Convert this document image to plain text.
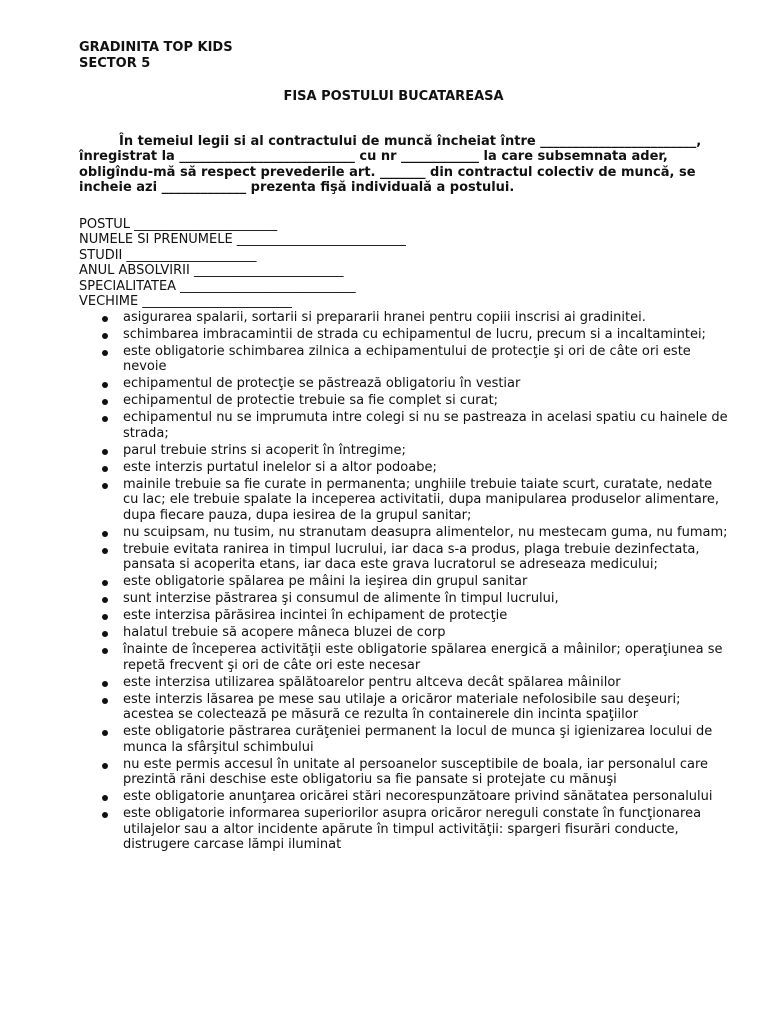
GRADINITA TOP KIDS
SECTOR 5
FISA POSTULUI BUCATAREASA
În temeiul legii si al contractului de muncă încheiat între ________________________, înregistrat la ___________________________ cu nr ____________ la care subsemnata ader, obligîndu-mă să respect prevederile art. _______ din contractul colectiv de muncă, se incheie azi _____________ prezenta fişă individuală a postului.
POSTUL ______________________
NUMELE SI PRENUMELE __________________________
STUDII ____________________
ANUL ABSOLVIRII _______________________
SPECIALITATEA ___________________________
VECHIME _______________________
asigurarea spalarii, sortarii si prepararii hranei pentru copiii inscrisi ai gradinitei.
schimbarea imbracamintii de strada cu echipamentul de lucru, precum si a incaltamintei;
este obligatorie schimbarea zilnica a echipamentului de protecţie şi ori de câte ori este nevoie
echipamentul de protecţie se păstrează obligatoriu în vestiar
echipamentul de protectie trebuie sa fie complet si curat;
echipamentul nu se imprumuta intre colegi si nu se pastreaza in acelasi spatiu cu hainele de strada;
parul trebuie strins si acoperit în întregime;
este interzis purtatul inelelor si a altor podoabe;
mainile trebuie sa fie curate in permanenta; unghiile trebuie taiate scurt, curatate, nedate cu lac; ele trebuie spalate la inceperea activitatii, dupa manipularea produselor alimentare, dupa fiecare pauza, dupa iesirea de la grupul sanitar;
nu scuipsam, nu tusim, nu stranutam deasupra alimentelor, nu mestecam guma, nu fumam;
trebuie evitata ranirea in timpul lucrului, iar daca s-a produs, plaga trebuie dezinfectata, pansata si acoperita etans, iar daca este grava lucratorul se adreseaza medicului;
este obligatorie spălarea pe mâini la ieşirea din grupul sanitar
sunt interzise păstrarea şi consumul de alimente în timpul lucrului,
este interzisa părăsirea incintei în echipament de protecţie
halatul trebuie să acopere mâneca bluzei de corp
înainte de începerea activităţii este obligatorie spălarea energică a mâinilor; operaţiunea se repetă frecvent şi ori de câte ori este necesar
este interzisa utilizarea spălătoarelor pentru altceva decât spălarea mâinilor
este interzis lăsarea pe mese sau utilaje a oricăror materiale nefolosibile sau deşeuri; acestea se colectează pe măsură ce rezulta în containerele din incinta spaţiilor
este obligatorie păstrarea curăţeniei permanent la locul de munca şi igienizarea locului de munca la sfârşitul schimbului
nu este permis accesul în unitate al persoanelor susceptibile de boala, iar personalul care prezintă răni deschise este obligatoriu sa fie pansate si protejate cu mănuşi
este obligatorie anunţarea oricărei stări necorespunzătoare privind sănătatea personalului
este obligatorie informarea superiorilor asupra oricăror nereguli constate în funcţionarea utilajelor sau a altor incidente apărute în timpul activităţii: spargeri fisurări conducte, distrugere carcase lămpi iluminat
